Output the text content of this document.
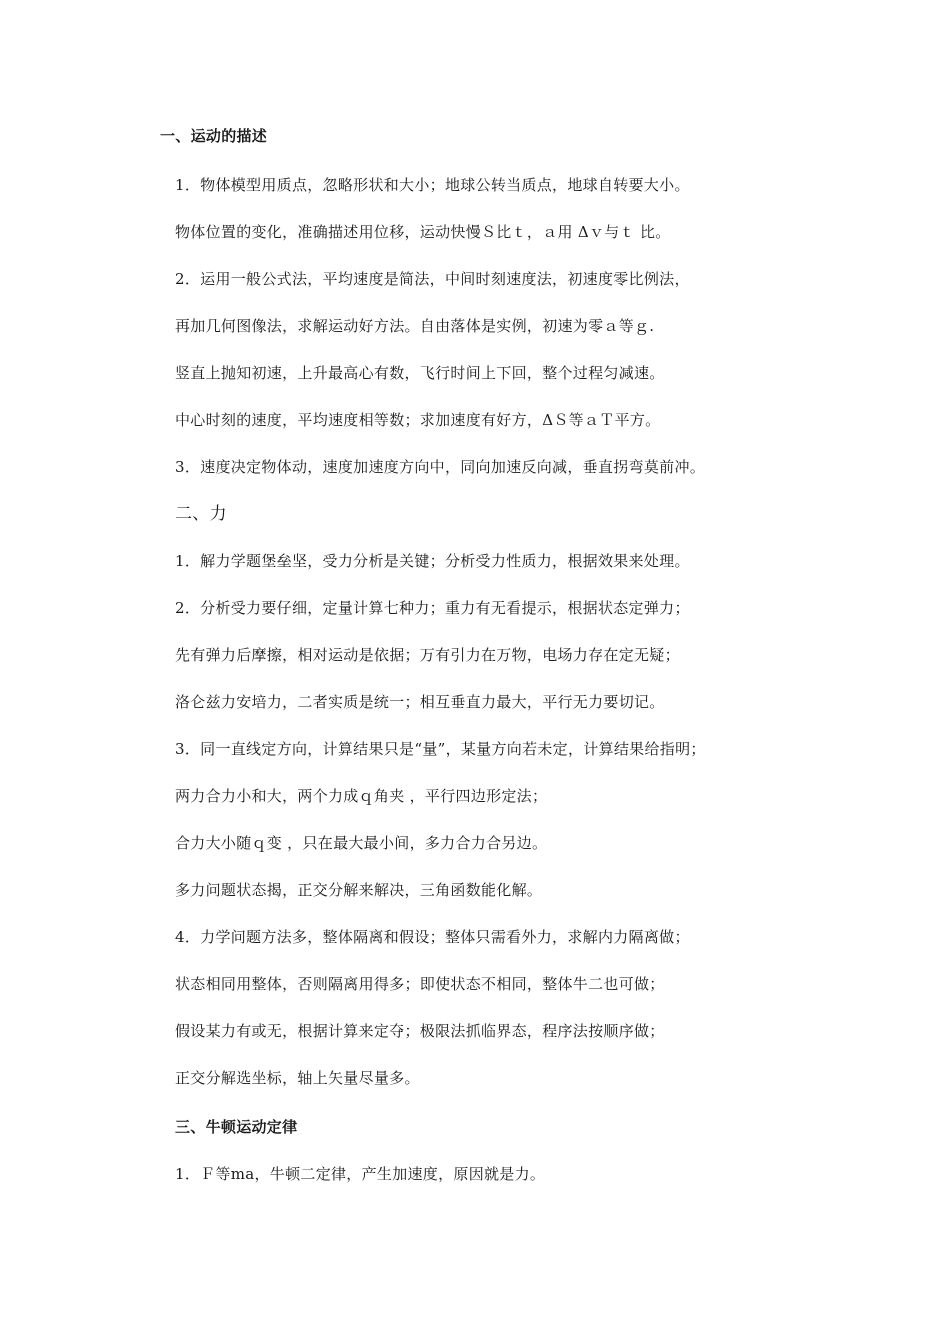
一、运动的描述
1．物体模型用质点，忽略形状和大小；地球公转当质点，地球自转要大小。
物体位置的变化，准确描述用位移，运动快慢Ｓ比ｔ，ａ用 Δｖ与ｔ 比。
2．运用一般公式法，平均速度是简法，中间时刻速度法，初速度零比例法，
再加几何图像法，求解运动好方法。自由落体是实例，初速为零ａ等ｇ.
竖直上抛知初速，上升最高心有数，飞行时间上下回，整个过程匀减速。
中心时刻的速度，平均速度相等数；求加速度有好方，ΔＳ等ａＴ平方。
3．速度决定物体动，速度加速度方向中，同向加速反向减，垂直拐弯莫前冲。
二、力
1．解力学题堡垒坚，受力分析是关键；分析受力性质力，根据效果来处理。
2．分析受力要仔细，定量计算七种力；重力有无看提示，根据状态定弹力；
先有弹力后摩擦，相对运动是依据；万有引力在万物，电场力存在定无疑；
洛仑兹力安培力，二者实质是统一；相互垂直力最大，平行无力要切记。
3．同一直线定方向，计算结果只是“量”，某量方向若未定，计算结果给指明；
两力合力小和大，两个力成ｑ角夹 ，平行四边形定法；
合力大小随ｑ变 ，只在最大最小间，多力合力合另边。
多力问题状态揭，正交分解来解决，三角函数能化解。
4．力学问题方法多，整体隔离和假设；整体只需看外力，求解内力隔离做；
状态相同用整体，否则隔离用得多；即使状态不相同，整体牛二也可做；
假设某力有或无，根据计算来定夺；极限法抓临界态，程序法按顺序做；
正交分解选坐标，轴上矢量尽量多。
三、牛顿运动定律
1．Ｆ等ma，牛顿二定律，产生加速度，原因就是力。
